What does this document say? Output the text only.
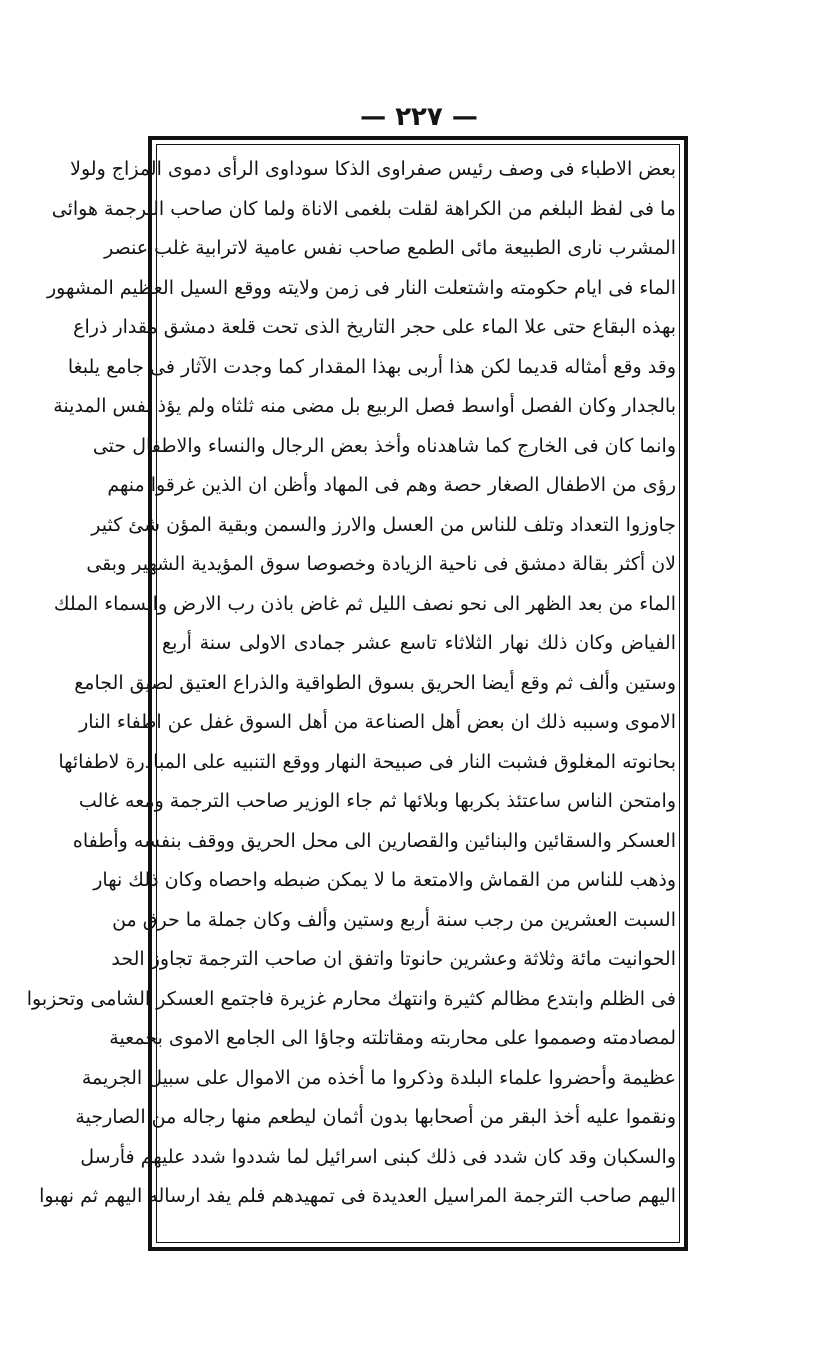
— ٢٢٧ —
بعض الاطباء فى وصف رئيس صفراوى الذكا سوداوى الرأى دموى المزاج ولولا
ما فى لفظ البلغم من الكراهة لقلت بلغمى الاناة ولما كان صاحب الترجمة هوائى
المشرب نارى الطبيعة مائى الطمع صاحب نفس عامية لاترابية غلب عنصر
الماء فى ايام حكومته واشتعلت النار فى زمن ولايته ووقع السيل العظيم المشهور
بهذه البقاع حتى علا الماء على حجر التاريخ الذى تحت قلعة دمشق مقدار ذراع
وقد وقع أمثاله قديما لكن هذا أربى بهذا المقدار كما وجدت الآثار فى جامع يلبغا
بالجدار وكان الفصل أواسط فصل الربيع بل مضى منه ثلثاه ولم يؤذ نفس المدينة
وانما كان فى الخارج كما شاهدناه وأخذ بعض الرجال والنساء والاطفال حتى
رؤى من الاطفال الصغار حصة وهم فى المهاد وأظن ان الذين غرقوا منهم
جاوزوا التعداد وتلف للناس من العسل والارز والسمن وبقية المؤن شئ كثير
لان أكثر بقالة دمشق فى ناحية الزيادة وخصوصا سوق المؤيدية الشهير وبقى
الماء من بعد الظهر الى نحو نصف الليل ثم غاض باذن رب الارض والسماء الملك
الفياض وكان ذلك نهار الثلاثاء تاسع عشر جمادى الاولى سنة أربع
وستين وألف ثم وقع أيضا الحريق بسوق الطواقية والذراع العتيق لصيق الجامع
الاموى وسببه ذلك ان بعض أهل الصناعة من أهل السوق غفل عن اطفاء النار
بحانوته المغلوق فشبت النار فى صبيحة النهار ووقع التنبيه على المبادرة لاطفائها
وامتحن الناس ساعتئذ بكربها وبلائها ثم جاء الوزير صاحب الترجمة ومعه غالب
العسكر والسقائين والبنائين والقصارين الى محل الحريق ووقف بنفسه وأطفاه
وذهب للناس من القماش والامتعة ما لا يمكن ضبطه واحصاه وكان ذلك نهار
السبت العشرين من رجب سنة أربع وستين وألف وكان جملة ما حرق من
الحوانيت مائة وثلاثة وعشرين حانوتا واتفق ان صاحب الترجمة تجاوز الحد
فى الظلم وابتدع مظالم كثيرة وانتهك محارم غزيرة فاجتمع العسكر الشامى وتحزبوا
لمصادمته وصمموا على محاربته ومقاتلته وجاؤا الى الجامع الاموى بجمعية
عظيمة وأحضروا علماء البلدة وذكروا ما أخذه من الاموال على سبيل الجريمة
ونقموا عليه أخذ البقر من أصحابها بدون أثمان ليطعم منها رجاله من الصارجية
والسكبان وقد كان شدد فى ذلك كبنى اسرائيل لما شددوا شدد عليهم فأرسل
اليهم صاحب الترجمة المراسيل العديدة فى تمهيدهم فلم يفد ارساله اليهم ثم نهبوا
